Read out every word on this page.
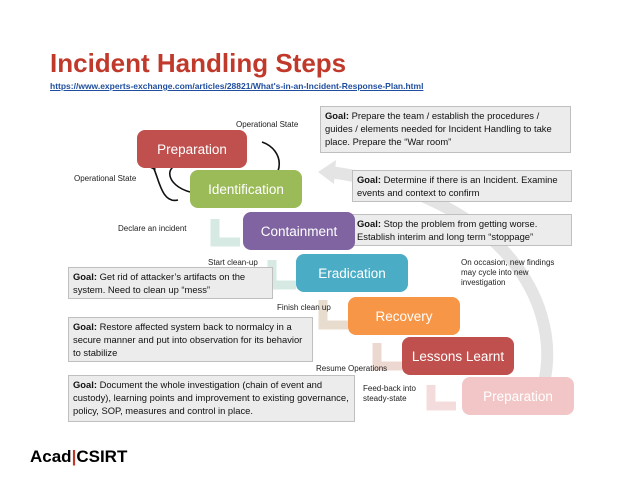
Incident Handling Steps
https://www.experts-exchange.com/articles/28821/What's-in-an-Incident-Response-Plan.html
Preparation
Identification
Containment
Eradication
Recovery
Lessons Learnt
Preparation
Goal: Prepare the team / establish the procedures / guides / elements needed for Incident Handling to take place. Prepare the “War room”
Goal: Determine if there is an Incident. Examine events and context to confirm
Goal: Stop the problem from getting worse. Establish interim and long term “stoppage”
Goal: Get rid of attacker’s artifacts on the system. Need to clean up “mess”
Goal: Restore affected system back to normalcy in a secure manner and put into observation for its behavior to stabilize
Goal: Document the whole investigation (chain of event and custody), learning points and improvement to existing governance, policy, SOP, measures and control in place.
Operational State
Operational State
Declare an incident
Start clean-up
Finish clean up
Resume Operations
Feed-back into steady-state
On occasion, new findings may cycle into new investigation
Acad|CSIRT
